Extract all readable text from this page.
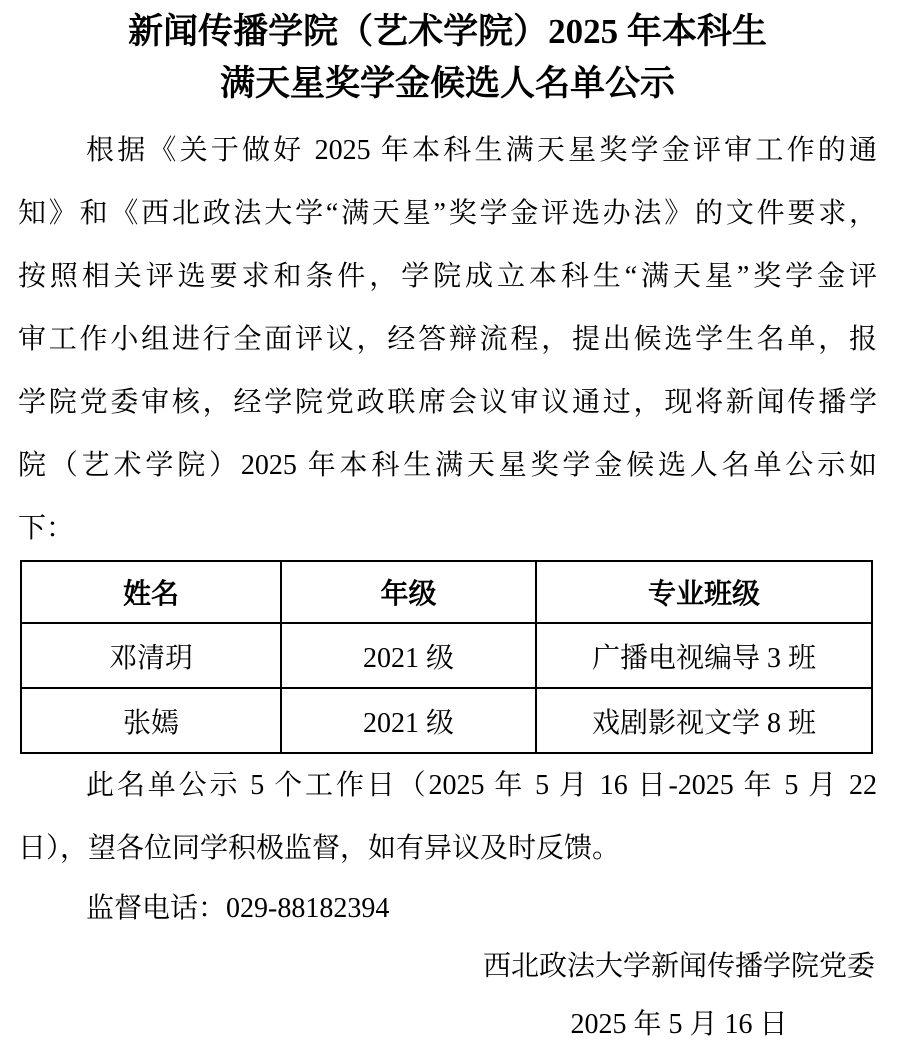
新闻传播学院（艺术学院）2025 年本科生
满天星奖学金候选人名单公示
根据《关于做好 2025 年本科生满天星奖学金评审工作的通
知》和《西北政法大学“满天星”奖学金评选办法》的文件要求，
按照相关评选要求和条件，学院成立本科生“满天星”奖学金评
审工作小组进行全面评议，经答辩流程，提出候选学生名单，报
学院党委审核，经学院党政联席会议审议通过，现将新闻传播学
院（艺术学院）2025 年本科生满天星奖学金候选人名单公示如
下：
姓名	年级	专业班级
邓清玥	2021 级	广播电视编导 3 班
张嫣	2021 级	戏剧影视文学 8 班
此名单公示 5 个工作日（2025 年 5 月 16 日-2025 年 5 月 22
日），望各位同学积极监督，如有异议及时反馈。
监督电话：029-88182394
西北政法大学新闻传播学院党委
2025 年 5 月 16 日
